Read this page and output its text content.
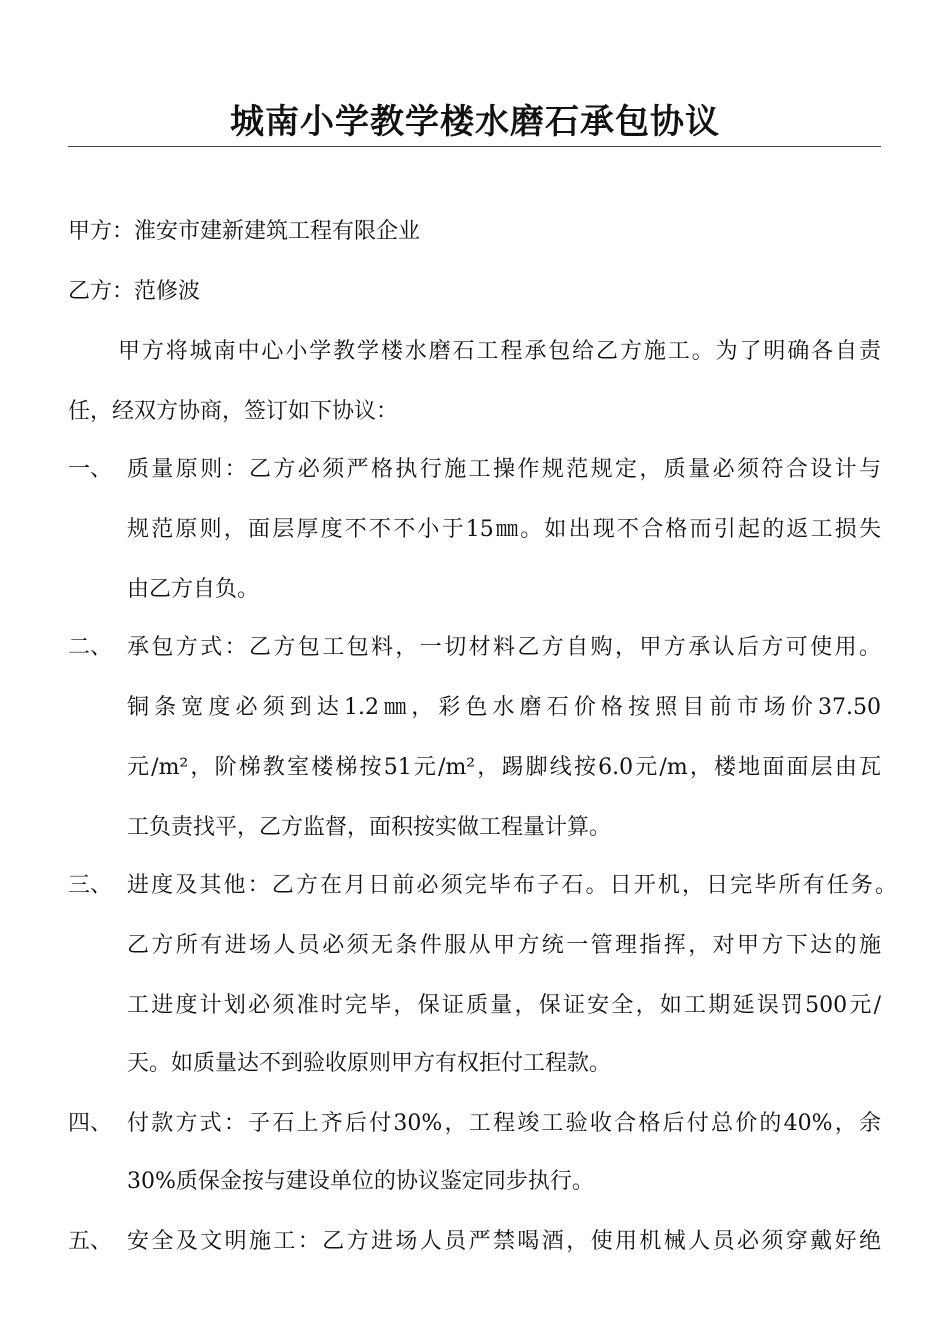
城南小学教学楼水磨石承包协议
甲方：淮安市建新建筑工程有限企业
乙方：范修波
甲方将城南中心小学教学楼水磨石工程承包给乙方施工。为了明确各自责
任，经双方协商，签订如下协议：
一、 质量原则：乙方必须严格执行施工操作规范规定，质量必须符合设计与
规范原则，面层厚度不不不小于15㎜。如出现不合格而引起的返工损失
由乙方自负。
二、 承包方式：乙方包工包料，一切材料乙方自购，甲方承认后方可使用。
铜条宽度必须到达1.2㎜，彩色水磨石价格按照目前市场价37.50
元/m²，阶梯教室楼梯按51元/m²，踢脚线按6.0元/m，楼地面面层由瓦
工负责找平，乙方监督，面积按实做工程量计算。
三、 进度及其他：乙方在月日前必须完毕布子石。日开机，日完毕所有任务。
乙方所有进场人员必须无条件服从甲方统一管理指挥，对甲方下达的施
工进度计划必须准时完毕，保证质量，保证安全，如工期延误罚500元/
天。如质量达不到验收原则甲方有权拒付工程款。
四、 付款方式：子石上齐后付30%，工程竣工验收合格后付总价的40%，余
30%质保金按与建设单位的协议鉴定同步执行。
五、 安全及文明施工：乙方进场人员严禁喝酒，使用机械人员必须穿戴好绝
